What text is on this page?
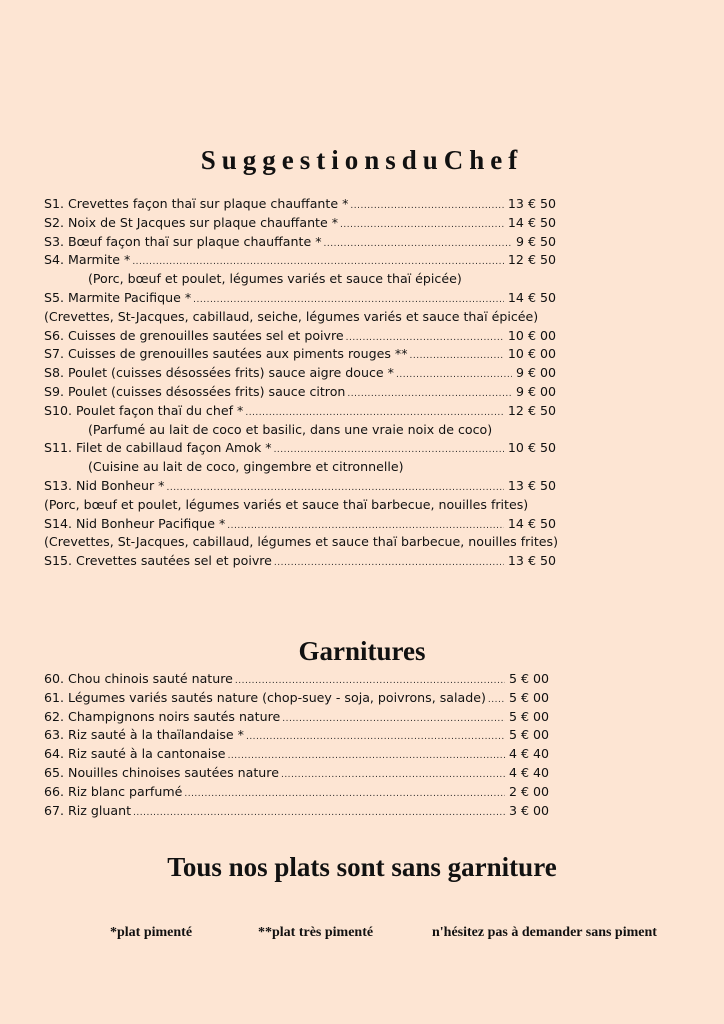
SuggestionsduChef
S1. Crevettes façon thaï sur plaque chauffante * .....	13 € 50
S2. Noix de St Jacques sur plaque chauffante * .....	14 € 50
S3. Bœuf façon thaï sur plaque chauffante * .....	9 € 50
S4. Marmite * .....	12 € 50
(Porc, bœuf et poulet, légumes variés et sauce thaï épicée)
S5. Marmite Pacifique * .....	14 € 50
(Crevettes, St-Jacques, cabillaud, seiche, légumes variés et sauce thaï épicée)
S6. Cuisses de grenouilles sautées sel et poivre .....	10 € 00
S7. Cuisses de grenouilles sautées aux piments rouges ** .....	10 € 00
S8. Poulet (cuisses désossées frits) sauce aigre douce * .....	9 € 00
S9. Poulet (cuisses désossées frits) sauce citron .....	9 € 00
S10. Poulet façon thaï du chef * .....	12 € 50
(Parfumé au lait de coco et basilic, dans une vraie noix de coco)
S11. Filet de cabillaud façon Amok * .....	10 € 50
(Cuisine au lait de coco, gingembre et citronnelle)
S13. Nid Bonheur * .....	13 € 50
(Porc, bœuf et poulet, légumes variés et sauce thaï barbecue, nouilles frites)
S14. Nid Bonheur Pacifique * .....	14 € 50
(Crevettes, St-Jacques, cabillaud, légumes et sauce thaï barbecue, nouilles frites)
S15. Crevettes sautées sel et poivre .....	13 € 50
Garnitures
60. Chou chinois sauté nature .....	5 € 00
61. Légumes variés sautés nature (chop-suey - soja, poivrons, salade) ..... 5 € 00
62. Champignons noirs sautés nature .....	5 € 00
63. Riz sauté à la thaïlandaise * .....	5 € 00
64. Riz sauté à la cantonaise .....	4 € 40
65. Nouilles chinoises sautées nature .....	4 € 40
66. Riz blanc parfumé .....	2 € 00
67. Riz gluant .....	3 € 00
Tous nos plats sont sans garniture
*plat pimenté	**plat très pimenté	n'hésitez pas à demander sans piment
